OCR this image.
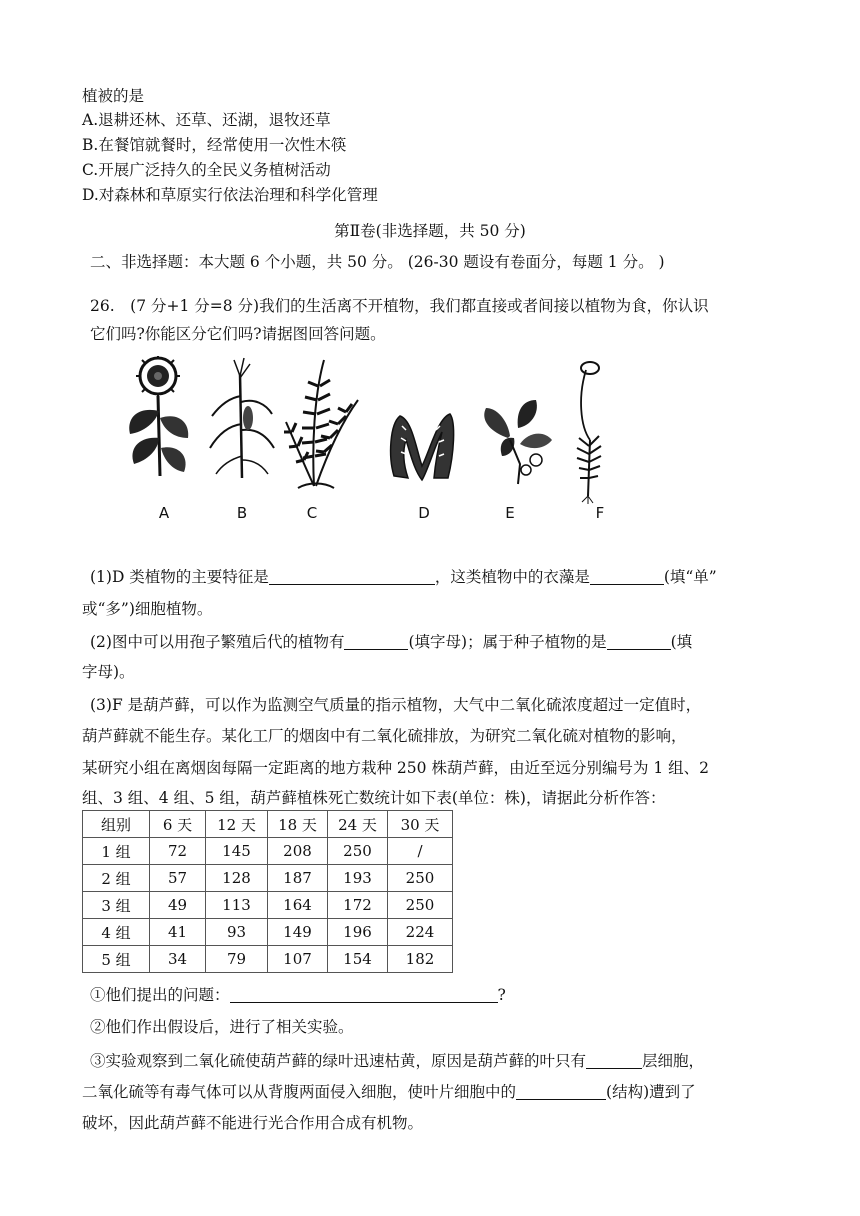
植被的是
A.退耕还林、还草、还湖，退牧还草
B.在餐馆就餐时，经常使用一次性木筷
C.开展广泛持久的全民义务植树活动
D.对森林和草原实行依法治理和科学化管理
第Ⅱ卷(非选择题，共 50 分)
二、非选择题：本大题 6 个小题，共 50 分。 (26-30 题设有卷面分，每题 1 分。 )
26.　(7 分+1 分=8 分)我们的生活离不开植物，我们都直接或者间接以植物为食，你认识
它们吗?你能区分它们吗?请据图回答问题。
A	B	C	D	E	F
(1)D 类植物的主要特征是	，这类植物中的衣藻是	(填“单”
或“多”)细胞植物。
(2)图中可以用孢子繁殖后代的植物有	(填字母)；属于种子植物的是	(填
字母)。
(3)F 是葫芦藓，可以作为监测空气质量的指示植物，大气中二氧化硫浓度超过一定值时，
葫芦藓就不能生存。某化工厂的烟囱中有二氧化硫排放，为研究二氧化硫对植物的影响，
某研究小组在离烟囱每隔一定距离的地方栽种 250 株葫芦藓，由近至远分别编号为 1 组、2
组、3 组、4 组、5 组，葫芦藓植株死亡数统计如下表(单位：株)，请据此分析作答：
组别	6 天	12 天	18 天	24 天	30 天
1 组	72	145	208	250	/
2 组	57	128	187	193	250
3 组	49	113	164	172	250
4 组	41	93	149	196	224
5 组	34	79	107	154	182
①他们提出的问题：	?
②他们作出假设后，进行了相关实验。
③实验观察到二氧化硫使葫芦藓的绿叶迅速枯黄，原因是葫芦藓的叶只有	层细胞，
二氧化硫等有毒气体可以从背腹两面侵入细胞，使叶片细胞中的	(结构)遭到了
破坏，因此葫芦藓不能进行光合作用合成有机物。
